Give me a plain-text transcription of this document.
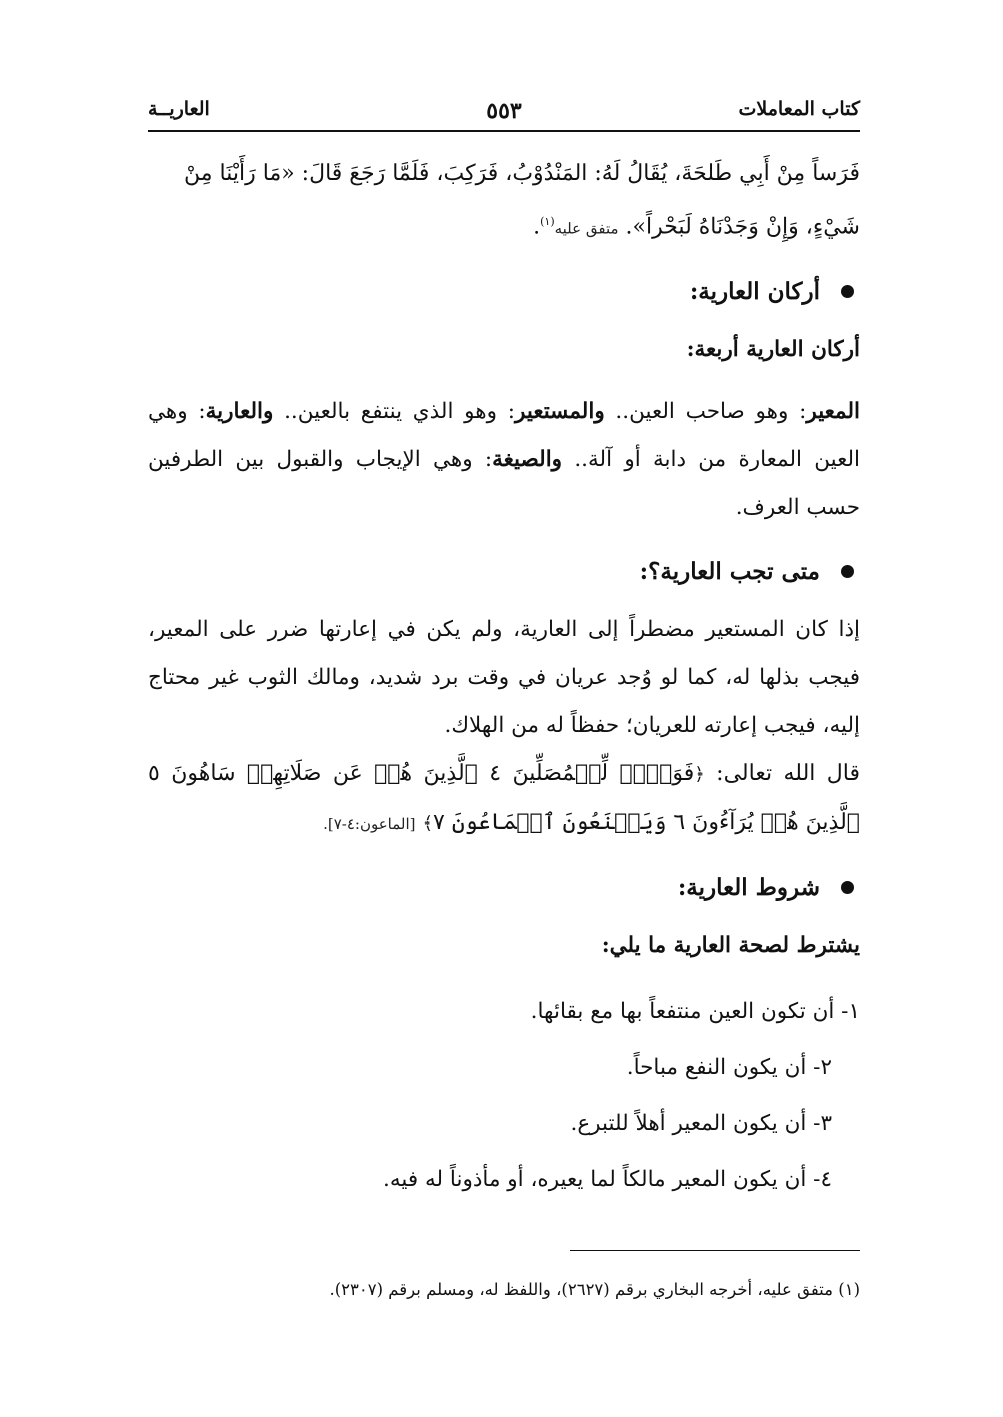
كتاب المعاملات
٥٥٣
العاريــة

فَرَساً مِنْ أَبِي طَلحَةَ، يُقَالُ لَهُ: المَنْدُوْبُ، فَرَكِبَ، فَلَمَّا رَجَعَ قَالَ: «مَا رَأَيْنَا مِنْ

شَيْءٍ، وَإِنْ وَجَدْنَاهُ لَبَحْراً». متفق عليه$^{(١)}$.

أركان العارية:
أركان العارية أربعة:

المعير: وهو صاحب العين.. والمستعير: وهو الذي ينتفع بالعين.. والعارية: وهي العين المعارة من دابة أو آلة.. والصيغة: وهي الإيجاب والقبول بين الطرفين حسب العرف.

متى تجب العارية؟:

إذا كان المستعير مضطراً إلى العارية، ولم يكن في إعارتها ضرر على المعير، فيجب بذلها له، كما لو وُجد عريان في وقت برد شديد، ومالك الثوب غير محتاج إليه، فيجب إعارته للعريان؛ حفظاً له من الهلاك.

قال الله تعالى: ﴿فَوَيۡلٞ لِّلۡمُصَلِّينَ ٤ ٱلَّذِينَ هُمۡ عَن صَلَاتِهِمۡ سَاهُونَ ٥ ٱلَّذِينَ هُمۡ يُرَآءُونَ ٦ وَيَمۡنَعُونَ ٱلۡمَاعُونَ ٧﴾ [الماعون:٤-٧].

شروط العارية:
يشترط لصحة العارية ما يلي:
١- أن تكون العين منتفعاً بها مع بقائها.
٢- أن يكون النفع مباحاً.
٣- أن يكون المعير أهلاً للتبرع.
٤- أن يكون المعير مالكاً لما يعيره، أو مأذوناً له فيه.
(١) متفق عليه، أخرجه البخاري برقم (٢٦٢٧)، واللفظ له، ومسلم برقم (٢٣٠٧).
